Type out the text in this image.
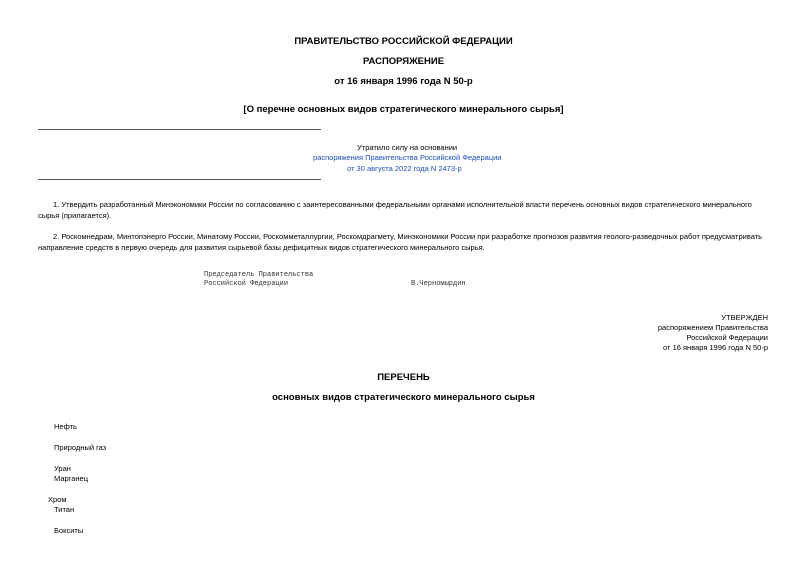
ПРАВИТЕЛЬСТВО РОССИЙСКОЙ ФЕДЕРАЦИИ
РАСПОРЯЖЕНИЕ
от 16 января 1996 года N 50-р
[О перечне основных видов стратегического минерального сырья]
Утратило силу на основании
распоряжения Правительства Российской Федерации
от 30 августа 2022 года N 2473-р
1. Утвердить разработанный Минэкономики России по согласованию с заинтересованными федеральными органами исполнительной власти перечень основных видов стратегического минерального сырья (прилагается).
2. Роскомнедрам, Минтопэнерго России, Минатому России, Роскомметаллургии, Роскомдрагмету, Минэкономики России при разработке прогнозов развития геолого-разведочных работ предусматривать направление средств в первую очередь для развития сырьевой базы дефицитных видов стратегического минерального сырья.
Председатель Правительства
Российской Федерации	В.Черномырдин
УТВЕРЖДЕН
распоряжением Правительства
Российской Федерации
от 16 января 1996 года N 50-р
ПЕРЕЧЕНЬ
основных видов стратегического минерального сырья
Нефть
Природный газ
Уран
Марганец
Хром
Титан
Бокситы
